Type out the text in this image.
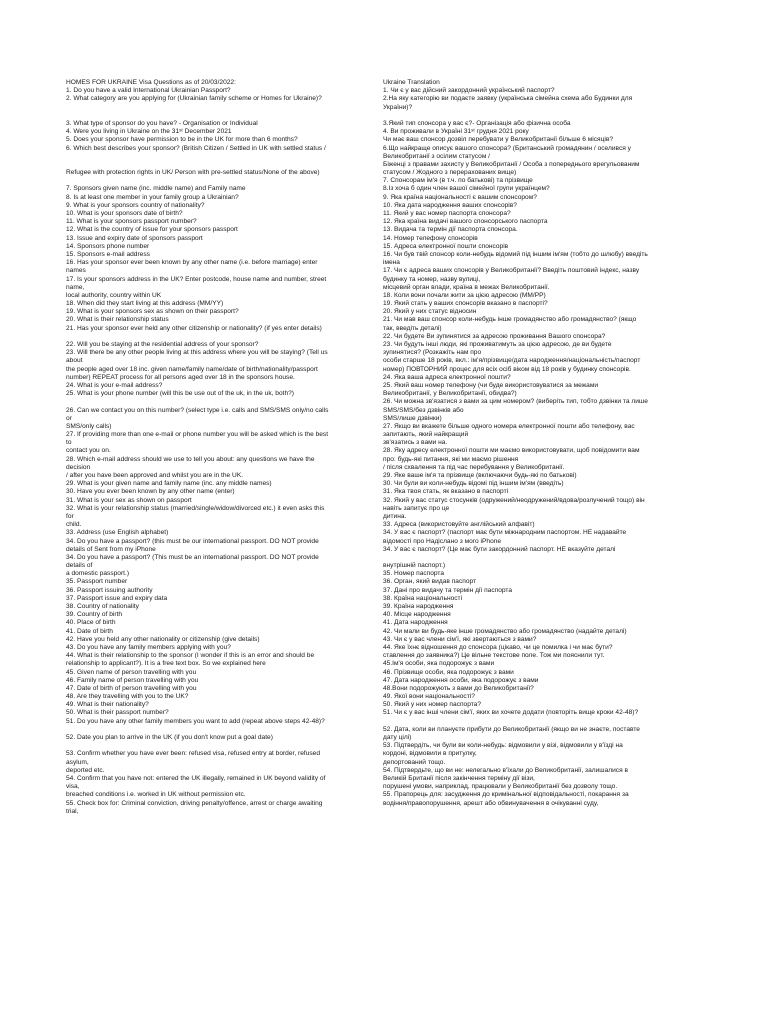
HOMES FOR UKRAINE Visa Questions as of 20/03/2022:
1. Do you have a valid International Ukrainian Passport?
2. What category are you applying for (Ukrainian family scheme or Homes for Ukraine)?
3. What type of sponsor do you have? - Organisation or Individual
4. Were you living in Ukraine on the 31ˢᵗ December 2021
5. Does your sponsor have permission to be in the UK for more than 6 months?
6. Which best describes your sponsor? (British Citizen / Settled in UK with settled status /
Refugee with protection rights in UK/ Person with pre-settled status/None of the above)
7. Sponsors given name (inc. middle name) and Family name
8. Is at least one member in your family group a Ukrainian?
9. What is your sponsors country of nationality?
10. What is your sponsors date of birth?
11. What is your sponsors passport number?
12. What is the country of issue for your sponsors passport
13. Issue and expiry date of sponsors passport
14. Sponsors phone number
15. Sponsors e-mail address
16. Has your sponsor ever been known by any other name (i.e. before marriage) enter
names
17. Is your sponsors address in the UK? Enter postcode, house name and number, street
name,
local authority, country within UK
18. When did they start living at this address (MM/YY)
19. What is your sponsors sex as shown on their passport?
20. What is their relationship status
21. Has your sponsor ever held any other citizenship or nationality? (if yes enter details)
22. Will you be staying at the residential address of your sponsor?
23. Will there be any other people living at this address where you will be staying? (Tell us
about
the people aged over 18 inc. given name/family name/date of birth/nationality/passport
number) REPEAT process for all persons aged over 18 in the sponsors house.
24. What is your e-mail address?
25. What is your phone number (will this be use out of the uk, in the uk, both?)
26. Can we contact you on this number? (select type i.e. calls and SMS/SMS only/no calls
or
SMS/only calls)
27. If providing more than one e-mail or phone number you will be asked which is the best
to
contact you on.
28. Which e-mail address should we use to tell you about: any questions we have the
decision
/ after you have been approved and whilst you are in the UK.
29. What is your given name and family name (inc. any middle names)
30. Have you ever been known by any other name (enter)
31. What is your sex as shown on passport
32. What is your relationship status (married/single/widow/divorced etc.) it even asks this
for
child.
33. Address (use English alphabet)
34. Do you have a passport? (this must be our international passport. DO NOT provide
details of Sent from my iPhone
34. Do you have a passport? (This must be an international passport. DO NOT provide
details of
a domestic passport.)
35. Passport number
36. Passport issuing authority
37. Passport issue and expiry data
38. Country of nationality
39. Country of birth
40. Place of birth
41. Date of birth
42. Have you held any other nationality or citizenship (give details)
43. Do you have any family members applying with you?
44. What is their relationship to the sponsor (I wonder if this is an error and should be
relationship to applicant?). It is a free text box. So we explained here
45. Given name of person travelling with you
46. Family name of person travelling with you
47. Date of birth of person travelling with you
48. Are they travelling with you to the UK?
49. What is their nationality?
50. What is their passport number?
51. Do you have any other family members you want to add (repeat above steps 42-48)?
52. Date you plan to arrive in the UK (if you don't know put a goal date)
53. Confirm whether you have ever been: refused visa, refused entry at border, refused
asylum,
deported etc.
54. Confirm that you have not: entered the UK illegally, remained in UK beyond validity of
visa,
breached conditions i.e. worked in UK without permission etc.
55. Check box for: Criminal conviction, driving penalty/offence, arrest or charge awaiting
trial,
Ukraine Translation
1. Чи є у вас дійсний закордонний український паспорт?
2.На яку категорію ви подаєте заявку (українська сімейна схема або Будинки для
України)?
3.Який тип спонсора у вас є?- Організація або фізична особа
4. Ви проживали в Україні 31ˢᵗ грудня 2021 року
Чи має ваш спонсор дозвіл перебувати у Великобританії більше 6 місяців?
6.Що найкраще описує вашого спонсора? (Британський громадянин / оселився у
Великобританії з осілим статусом /
Біженці з правами захисту у Великобританії / Особа з попереднього врегульованим
статусом / Жодного з перерахованих вище)
7. Спонсорам ім'я (в т.ч. по батькові) та прізвище
8.Із хоча б один член вашої сімейної групи українцем?
9. Яка країна національності є вашим спонсором?
10. Яка дата народження ваших спонсорів?
11. Який у вас номер паспорта спонсора?
12. Яка країна видачі вашого спонсорського паспорта
13. Видача та термін дії паспорта спонсора.
14. Номер телефону спонсорів
15. Адреса електронної пошти спонсорів
16. Чи був твій спонсор коли-небудь відомий під іншим ім'ям (тобто до шлюбу) введіть
імена
17. Чи є адреса ваших спонсорів у Великобританії? Введіть поштовий індекс, назву
будинку та номер, назву вулиці,
місцевий орган влади, країна в межах Великобританії.
18. Коли вони почали жити за цією адресою (MM/PP)
19. Який стать у ваших спонсорів вказано в паспорті?
20. Який у них статус відносин
21. Чи мав ваш спонсор коли-небудь інше громадянство або громадянство? (якщо
так, введіть деталі)
22. Чи будете Ви зупинятися за адресою проживання Вашого спонсора?
23. Чи будуть інші люди, які проживатимуть за цією адресою, де ви будете
зупинятися? (Розкажіть нам про
особи старше 18 років, вкл.: ім'я/прізвище/дата народження/національність/паспорт
номер) ПОВТОРНИЙ процес для всіх осіб віком від 18 років у будинку спонсорів.
24. Яка ваша адреса електронної пошти?
25. Який ваш номер телефону (чи буде використовуватися за межами
Великобританії, у Великобританії, обидва?)
26. Чи можна зв'язатися з вами за цим номером? (виберіть тип, тобто дзвінки та лише
SMS/SMS/без дзвінків або
SMS/лише дзвінки)
27. Якщо ви вкажете більше одного номера електронної пошти або телефону, вас
запитають, який найкращий
зв'язатись з вами на.
28. Яку адресу електронної пошти ми маємо використовувати, щоб повідомити вам
про: будь-які питання, які ми маємо рішення
/ після схвалення та під час перебування у Великобританії.
29. Яке ваше ім'я та прізвище (включаючи будь-які по батькові)
30. Чи були ви коли-небудь відомі під іншим ім'ям (введіть)
31. Яка твоя стать, як вказано в паспорті
32. Який у вас статус стосунків (одружений/неодружений/вдова/розлучений тощо) він
навіть запитує про це
дитина.
33. Адреса (використовуйте англійський алфавіт)
34. У вас є паспорт? (паспорт має бути міжнародним паспортом. НЕ надавайте
відомості про Надіслано з мого iPhone
34. У вас є паспорт? (Це має бути закордонний паспорт. НЕ вказуйте деталі
внутрішній паспорт.)
35. Номер паспорта
36. Орган, який видав паспорт
37. Дані про видачу та термін дії паспорта
38. Країна національності
39. Країна народження
40. Місце народження
41. Дата народження
42. Чи мали ви будь-яке інше громадянство або громадянство (надайте деталі)
43. Чи є у вас члени сім'ї, які звертаються з вами?
44. Яке їхнє відношення до спонсора (цікаво, чи це помилка і чи має бути?
ставлення до заявника?) Це вільне текстове поле. Тож ми пояснили тут.
45.Ім'я особи, яка подорожує з вами
46. Прізвище особи, яка подорожує з вами
47. Дата народження особи, яка подорожує з вами
48.Вони подорожують з вами до Великобританії?
49. Якої вони національності?
50. Який у них номер паспорта?
51. Чи є у вас інші члени сім'ї, яких ви хочете додати (повторіть вище кроки 42-48)?
52. Дата, коли ви плануєте прибути до Великобританії (якщо ви не знаєте, поставте
дату цілі)
53. Підтвердіть, чи були ви коли-небудь: відмовили у візі, відмовили у в'їзді на
кордоні, відмовили в притулку,
депортований тощо.
54. Підтвердьте, що ви не: нелегально в'їхали до Великобританії, залишалися в
Великій Британії після закінчення терміну дії візи,
порушені умови, наприклад, працювали у Великобританії без дозволу тощо.
55. Прапорець для: засудження до кримінальної відповідальності, покарання за
водіння/правопорушення, арешт або обвинувачення в очікуванні суду,
